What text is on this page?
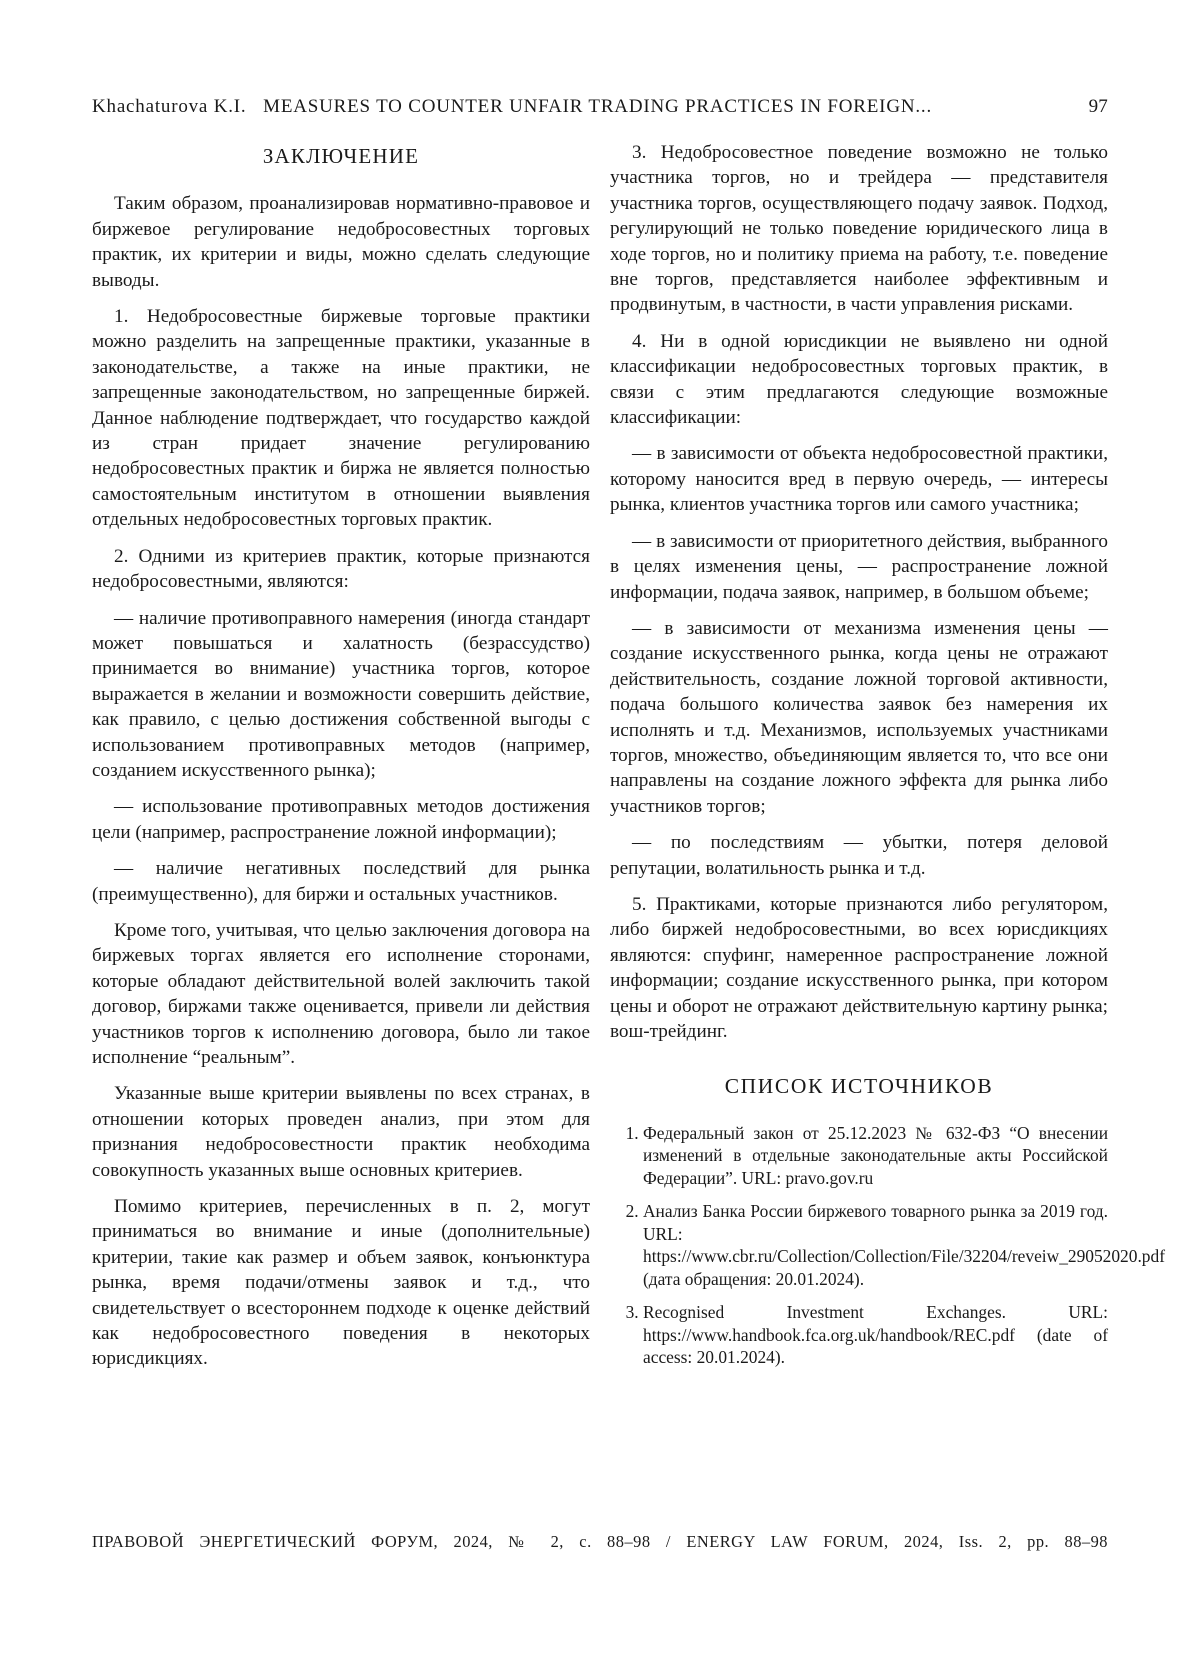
Khachaturova K.I. MEASURES TO COUNTER UNFAIR TRADING PRACTICES IN FOREIGN...	97
ЗАКЛЮЧЕНИЕ

Таким образом, проанализировав нормативно-правовое и биржевое регулирование недобросовестных торговых практик, их критерии и виды, можно сделать следующие выводы.

1. Недобросовестные биржевые торговые практики можно разделить на запрещенные практики, указанные в законодательстве, а также на иные практики, не запрещенные законодательством, но запрещенные биржей. Данное наблюдение подтверждает, что государство каждой из стран придает значение регулированию недобросовестных практик и биржа не является полностью самостоятельным институтом в отношении выявления отдельных недобросовестных торговых практик.

2. Одними из критериев практик, которые признаются недобросовестными, являются:

— наличие противоправного намерения (иногда стандарт может повышаться и халатность (безрассудство) принимается во внимание) участника торгов, которое выражается в желании и возможности совершить действие, как правило, с целью достижения собственной выгоды с использованием противоправных методов (например, созданием искусственного рынка);

— использование противоправных методов достижения цели (например, распространение ложной информации);

— наличие негативных последствий для рынка (преимущественно), для биржи и остальных участников.

Кроме того, учитывая, что целью заключения договора на биржевых торгах является его исполнение сторонами, которые обладают действительной волей заключить такой договор, биржами также оценивается, привели ли действия участников торгов к исполнению договора, было ли такое исполнение “реальным”.

Указанные выше критерии выявлены по всех странах, в отношении которых проведен анализ, при этом для признания недобросовестности практик необходима совокупность указанных выше основных критериев.

Помимо критериев, перечисленных в п. 2, могут приниматься во внимание и иные (дополнительные) критерии, такие как размер и объем заявок, конъюнктура рынка, время подачи/отмены заявок и т.д., что свидетельствует о всестороннем подходе к оценке действий как недобросовестного поведения в некоторых юрисдикциях.

3. Недобросовестное поведение возможно не только участника торгов, но и трейдера — представителя участника торгов, осуществляющего подачу заявок. Подход, регулирующий не только поведение юридического лица в ходе торгов, но и политику приема на работу, т.е. поведение вне торгов, представляется наиболее эффективным и продвинутым, в частности, в части управления рисками.

4. Ни в одной юрисдикции не выявлено ни одной классификации недобросовестных торговых практик, в связи с этим предлагаются следующие возможные классификации:

— в зависимости от объекта недобросовестной практики, которому наносится вред в первую очередь, — интересы рынка, клиентов участника торгов или самого участника;

— в зависимости от приоритетного действия, выбранного в целях изменения цены, — распространение ложной информации, подача заявок, например, в большом объеме;

— в зависимости от механизма изменения цены — создание искусственного рынка, когда цены не отражают действительность, создание ложной торговой активности, подача большого количества заявок без намерения их исполнять и т.д. Механизмов, используемых участниками торгов, множество, объединяющим является то, что все они направлены на создание ложного эффекта для рынка либо участников торгов;

— по последствиям — убытки, потеря деловой репутации, волатильность рынка и т.д.

5. Практиками, которые признаются либо регулятором, либо биржей недобросовестными, во всех юрисдикциях являются: спуфинг, намеренное распространение ложной информации; создание искусственного рынка, при котором цены и оборот не отражают действительную картину рынка; вош-трейдинг.

СПИСОК ИСТОЧНИКОВ
1. Федеральный закон от 25.12.2023 № 632-ФЗ “О внесении изменений в отдельные законодательные акты Российской Федерации”. URL: pravo.gov.ru
2. Анализ Банка России биржевого товарного рынка за 2019 год. URL: https://www.cbr.ru/Collection/Collection/File/32204/reveiw_29052020.pdf (дата обращения: 20.01.2024).
3. Recognised Investment Exchanges. URL: https://www.handbook.fca.org.uk/handbook/REC.pdf (date of access: 20.01.2024).
ПРАВОВОЙ ЭНЕРГЕТИЧЕСКИЙ ФОРУМ, 2024, № 2, с. 88–98 / ENERGY LAW FORUM, 2024, Iss. 2, pp. 88–98
